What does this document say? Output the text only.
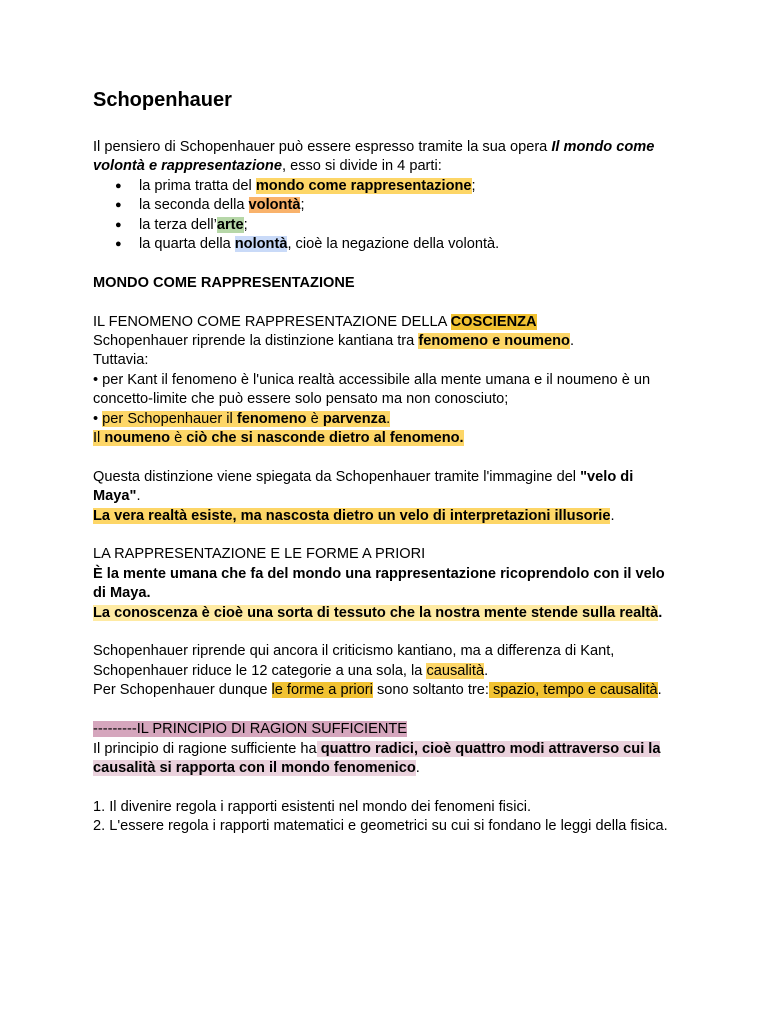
Schopenhauer

Il pensiero di Schopenhauer può essere espresso tramite la sua opera Il mondo come volontà e rappresentazione, esso si divide in 4 parti:

● la prima tratta del mondo come rappresentazione;
● la seconda della volontà;
● la terza dell’arte;
● la quarta della nolontà, cioè la negazione della volontà.

MONDO COME RAPPRESENTAZIONE

IL FENOMENO COME RAPPRESENTAZIONE DELLA COSCIENZA

Schopenhauer riprende la distinzione kantiana tra fenomeno e noumeno.

Tuttavia:

• per Kant il fenomeno è l'unica realtà accessibile alla mente umana e il noumeno è un concetto-limite che può essere solo pensato ma non conosciuto;

• per Schopenhauer il fenomeno è parvenza.

Il noumeno è ciò che si nasconde dietro al fenomeno.

Questa distinzione viene spiegata da Schopenhauer tramite l'immagine del "velo di Maya".

La vera realtà esiste, ma nascosta dietro un velo di interpretazioni illusorie.

LA RAPPRESENTAZIONE E LE FORME A PRIORI

È la mente umana che fa del mondo una rappresentazione ricoprendolo con il velo di Maya.

La conoscenza è cioè una sorta di tessuto che la nostra mente stende sulla realtà.

Schopenhauer riprende qui ancora il criticismo kantiano, ma a differenza di Kant, Schopenhauer riduce le 12 categorie a una sola, la causalità.

Per Schopenhauer dunque le forme a priori sono soltanto tre: spazio, tempo e causalità.

---------IL PRINCIPIO DI RAGION SUFFICIENTE

Il principio di ragione sufficiente ha quattro radici, cioè quattro modi attraverso cui la causalità si rapporta con il mondo fenomenico.

1. Il divenire regola i rapporti esistenti nel mondo dei fenomeni fisici.

2. L'essere regola i rapporti matematici e geometrici su cui si fondano le leggi della fisica.
